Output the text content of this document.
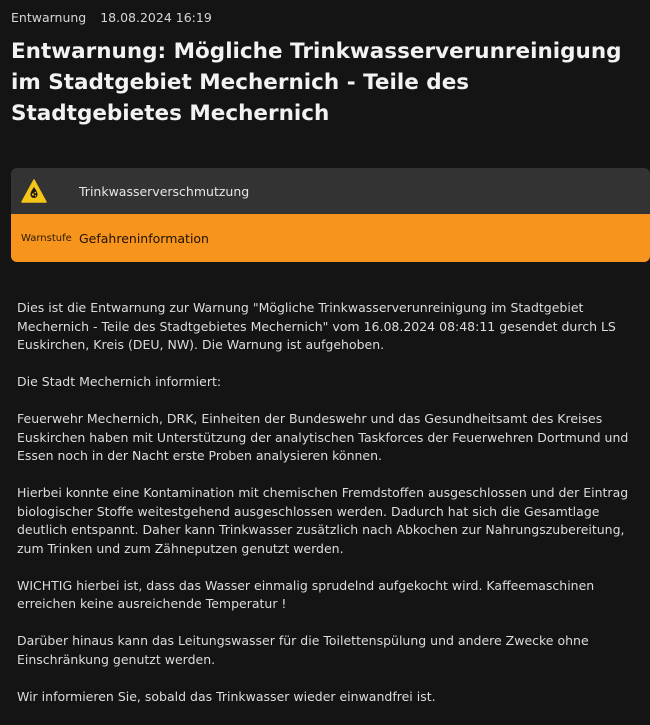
Entwarnung 18.08.2024 16:19
Entwarnung: Mögliche Trinkwasserverunreinigung im Stadtgebiet Mechernich - Teile des Stadtgebietes Mechernich
Trinkwasserverschmutzung
Warnstufe Gefahreninformation

Dies ist die Entwarnung zur Warnung "Mögliche Trinkwasserverunreinigung im Stadtgebiet Mechernich - Teile des Stadtgebietes Mechernich" vom 16.08.2024 08:48:11 gesendet durch LS Euskirchen, Kreis (DEU, NW). Die Warnung ist aufgehoben.

Die Stadt Mechernich informiert:

Feuerwehr Mechernich, DRK, Einheiten der Bundeswehr und das Gesundheitsamt des Kreises Euskirchen haben mit Unterstützung der analytischen Taskforces der Feuerwehren Dortmund und Essen noch in der Nacht erste Proben analysieren können.

Hierbei konnte eine Kontamination mit chemischen Fremdstoffen ausgeschlossen und der Eintrag biologischer Stoffe weitestgehend ausgeschlossen werden. Dadurch hat sich die Gesamtlage deutlich entspannt. Daher kann Trinkwasser zusätzlich nach Abkochen zur Nahrungszubereitung, zum Trinken und zum Zähneputzen genutzt werden.

WICHTIG hierbei ist, dass das Wasser einmalig sprudelnd aufgekocht wird. Kaffeemaschinen erreichen keine ausreichende Temperatur !

Darüber hinaus kann das Leitungswasser für die Toilettenspülung und andere Zwecke ohne Einschränkung genutzt werden.

Wir informieren Sie, sobald das Trinkwasser wieder einwandfrei ist.
